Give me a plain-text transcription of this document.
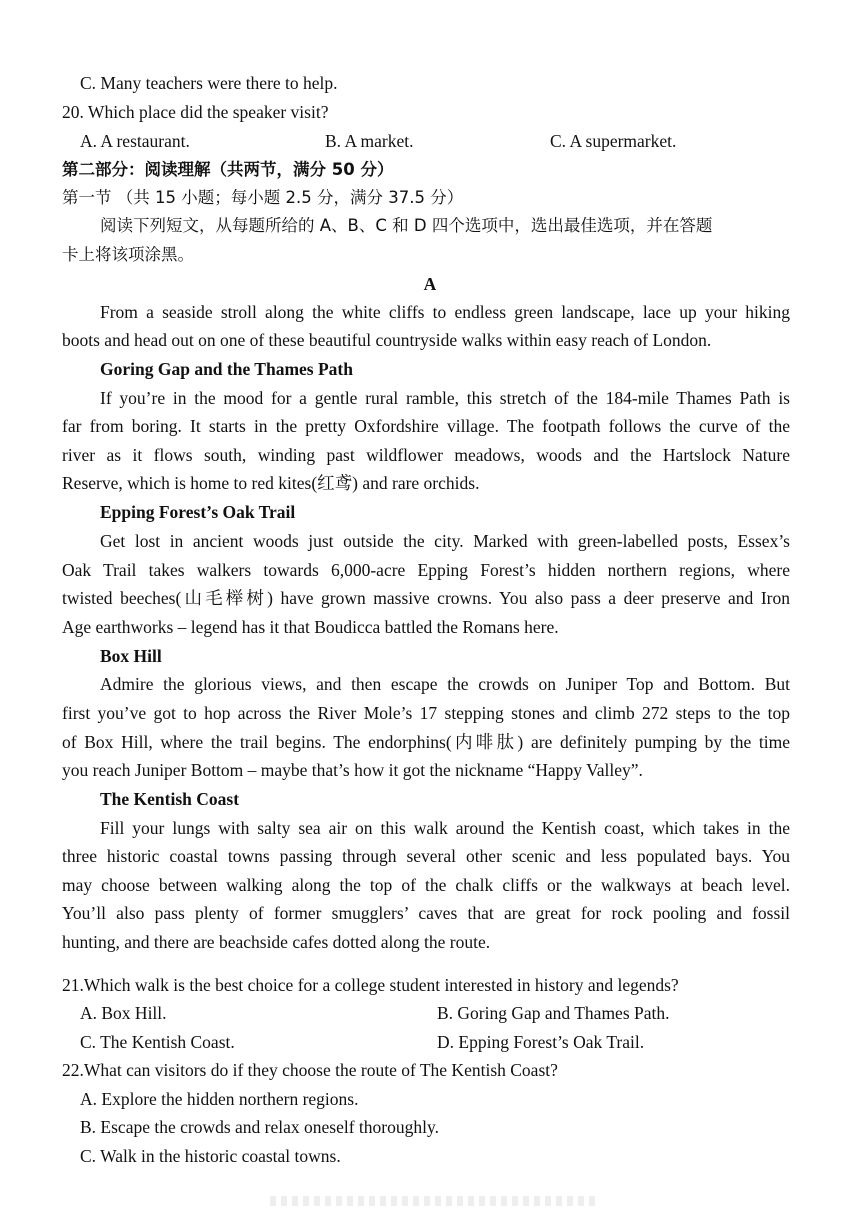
C. Many teachers were there to help.
20. Which place did the speaker visit?
A. A restaurant.	B. A market.	C. A supermarket.
第二部分：阅读理解（共两节，满分 50 分）
第一节 （共 15 小题；每小题 2.5 分，满分 37.5 分）
阅读下列短文，从每题所给的 A、B、C 和 D 四个选项中，选出最佳选项，并在答题
卡上将该项涂黑。
A
From a seaside stroll along the white cliffs to endless green landscape, lace up your hiking
boots and head out on one of these beautiful countryside walks within easy reach of London.
Goring Gap and the Thames Path
If you’re in the mood for a gentle rural ramble, this stretch of the 184-mile Thames Path is
far from boring. It starts in the pretty Oxfordshire village. The footpath follows the curve of the
river as it flows south, winding past wildflower meadows, woods and the Hartslock Nature
Reserve, which is home to red kites(红鸢) and rare orchids.
Epping Forest’s Oak Trail
Get lost in ancient woods just outside the city. Marked with green-labelled posts, Essex’s
Oak Trail takes walkers towards 6,000-acre Epping Forest’s hidden northern regions, where
twisted beeches(山毛榉树) have grown massive crowns. You also pass a deer preserve and Iron
Age earthworks – legend has it that Boudicca battled the Romans here.
Box Hill
Admire the glorious views, and then escape the crowds on Juniper Top and Bottom. But
first you’ve got to hop across the River Mole’s 17 stepping stones and climb 272 steps to the top
of Box Hill, where the trail begins. The endorphins(内啡肽) are definitely pumping by the time
you reach Juniper Bottom – maybe that’s how it got the nickname “Happy Valley”.
The Kentish Coast
Fill your lungs with salty sea air on this walk around the Kentish coast, which takes in the
three historic coastal towns passing through several other scenic and less populated bays. You
may choose between walking along the top of the chalk cliffs or the walkways at beach level.
You’ll also pass plenty of former smugglers’ caves that are great for rock pooling and fossil
hunting, and there are beachside cafes dotted along the route.
21.Which walk is the best choice for a college student interested in history and legends?
A. Box Hill.	B. Goring Gap and Thames Path.
C. The Kentish Coast.	D. Epping Forest’s Oak Trail.
22.What can visitors do if they choose the route of The Kentish Coast?
A. Explore the hidden northern regions.
B. Escape the crowds and relax oneself thoroughly.
C. Walk in the historic coastal towns.
